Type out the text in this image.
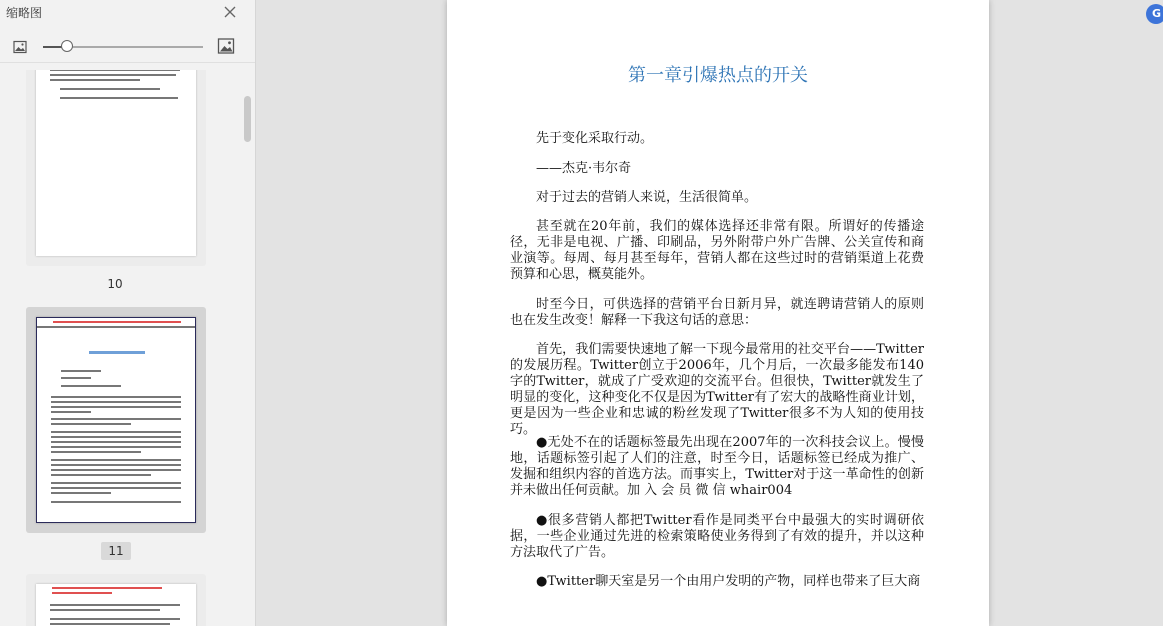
缩略图
10
11
第一章引爆热点的开关

先于变化采取行动。

——杰克·韦尔奇

对于过去的营销人来说，生活很简单。

甚至就在20年前，我们的媒体选择还非常有限。所谓好的传播途径，无非是电视、广播、印刷品，另外附带户外广告牌、公关宣传和商业演等。每周、每月甚至每年，营销人都在这些过时的营销渠道上花费预算和心思，概莫能外。

时至今日，可供选择的营销平台日新月异，就连聘请营销人的原则也在发生改变！解释一下我这句话的意思：

首先，我们需要快速地了解一下现今最常用的社交平台——Twitter的发展历程。Twitter创立于2006年，几个月后，一次最多能发布140字的Twitter，就成了广受欢迎的交流平台。但很快，Twitter就发生了明显的变化，这种变化不仅是因为Twitter有了宏大的战略性商业计划，更是因为一些企业和忠诚的粉丝发现了Twitter很多不为人知的使用技巧。

●无处不在的话题标签最先出现在2007年的一次科技会议上。慢慢地，话题标签引起了人们的注意，时至今日，话题标签已经成为推广、发掘和组织内容的首选方法。而事实上，Twitter对于这一革命性的创新并未做出任何贡献。加 入 会 员 微 信 whair004

●很多营销人都把Twitter看作是同类平台中最强大的实时调研依据，一些企业通过先进的检索策略使业务得到了有效的提升，并以这种方法取代了广告。

●Twitter聊天室是另一个由用户发明的产物，同样也带来了巨大商

G
